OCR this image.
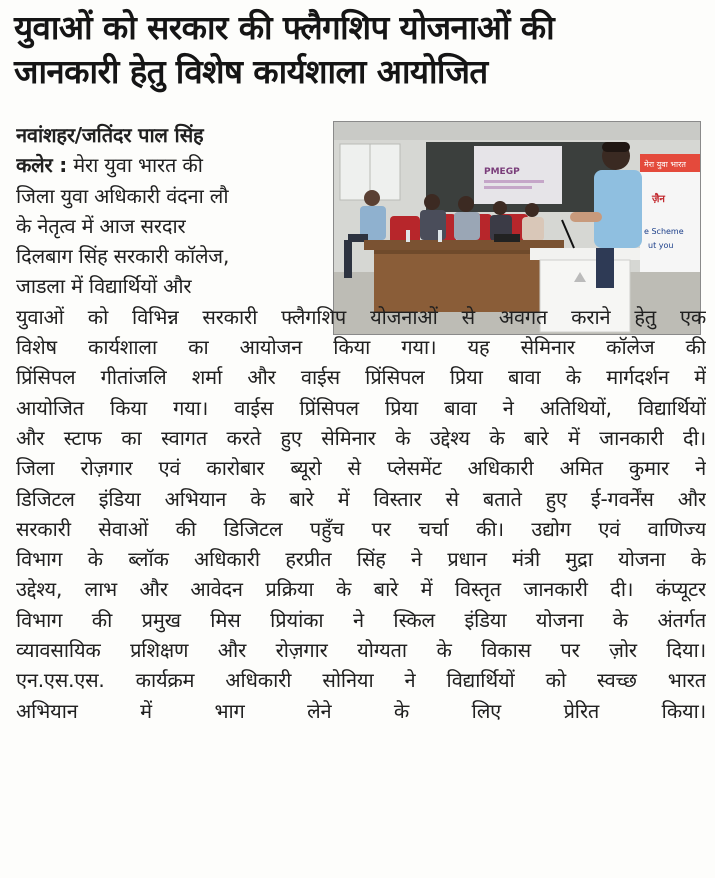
युवाओं को सरकार की फ्लैगशिप योजनाओं की
जानकारी हेतु विशेष कार्यशाला आयोजित
PMEGP
मेरा युवा भारत
ज़ैन
e Scheme
ut you
नवांशहर/जतिंदर पाल सिंह
कलेर : मेरा युवा भारत की
जिला युवा अधिकारी वंदना लौ
के नेतृत्व में आज सरदार
दिलबाग सिंह सरकारी कॉलेज,
जाडला में विद्यार्थियों और
युवाओं को विभिन्न सरकारी फ्लैगशिप योजनाओं से अवगत कराने हेतु एक
विशेष कार्यशाला का आयोजन किया गया। यह सेमिनार कॉलेज की
प्रिंसिपल गीतांजलि शर्मा और वाईस प्रिंसिपल प्रिया बावा के मार्गदर्शन में
आयोजित किया गया। वाईस प्रिंसिपल प्रिया बावा ने अतिथियों, विद्यार्थियों
और स्टाफ का स्वागत करते हुए सेमिनार के उद्देश्य के बारे में जानकारी दी।
जिला रोज़गार एवं कारोबार ब्यूरो से प्लेसमेंट अधिकारी अमित कुमार ने
डिजिटल इंडिया अभियान के बारे में विस्तार से बताते हुए ई-गवर्नेंस और
सरकारी सेवाओं की डिजिटल पहुँच पर चर्चा की। उद्योग एवं वाणिज्य
विभाग के ब्लॉक अधिकारी हरप्रीत सिंह ने प्रधान मंत्री मुद्रा योजना के
उद्देश्य, लाभ और आवेदन प्रक्रिया के बारे में विस्तृत जानकारी दी। कंप्यूटर
विभाग की प्रमुख मिस प्रियांका ने स्किल इंडिया योजना के अंतर्गत
व्यावसायिक प्रशिक्षण और रोज़गार योग्यता के विकास पर ज़ोर दिया।
एन.एस.एस. कार्यक्रम अधिकारी सोनिया ने विद्यार्थियों को स्वच्छ भारत
अभियान में भाग लेने के लिए प्रेरित किया।
